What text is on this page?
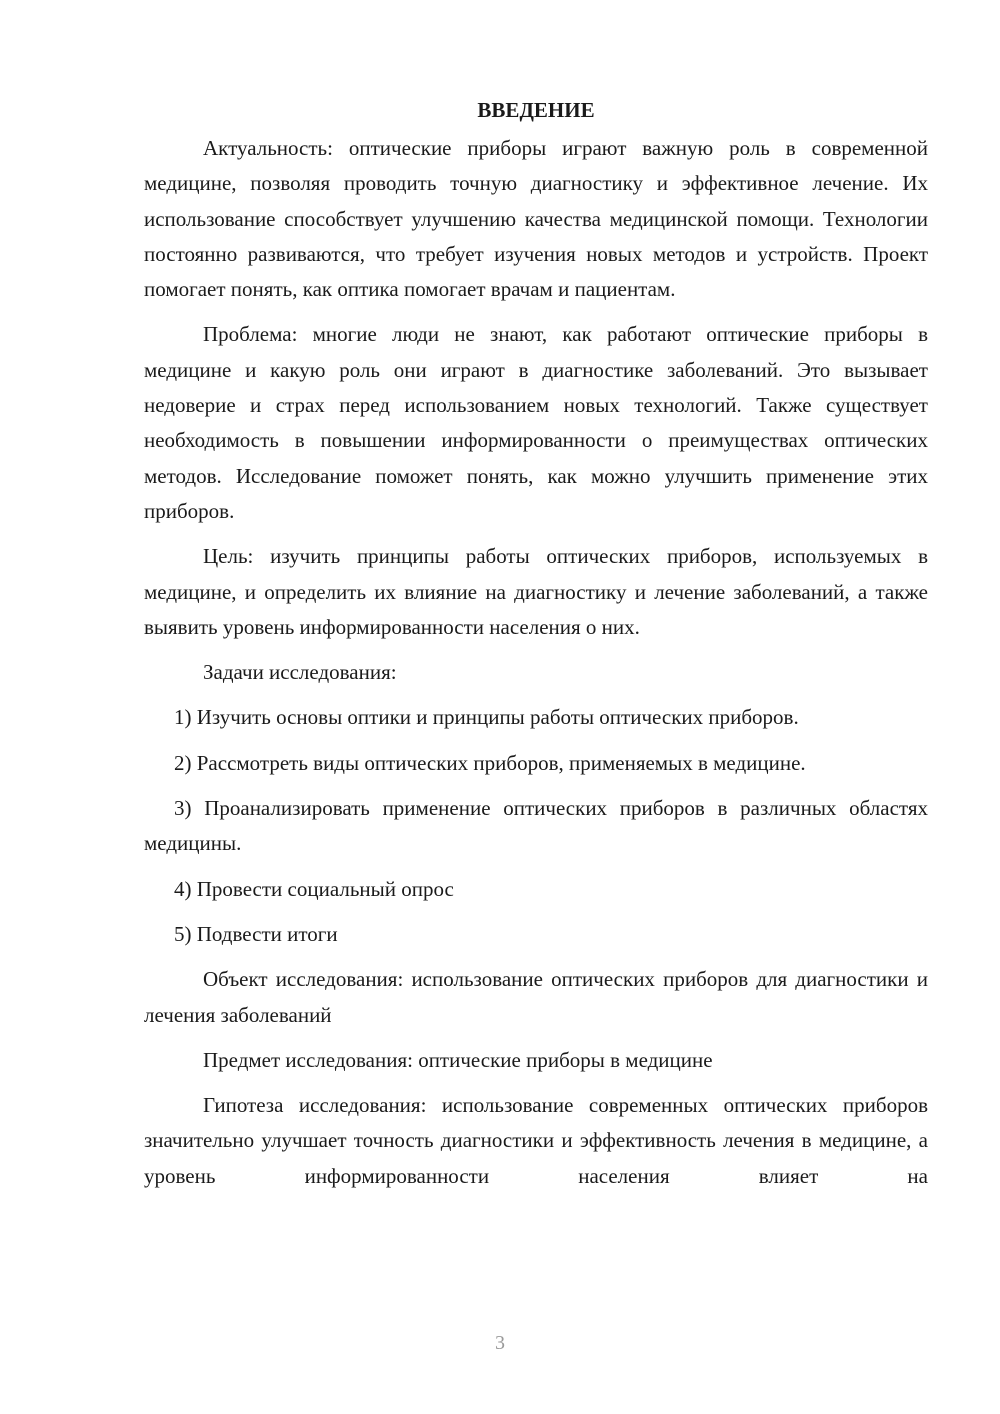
ВВЕДЕНИЕ

Актуальность: оптические приборы играют важную роль в современной медицине, позволяя проводить точную диагностику и эффективное лечение. Их использование способствует улучшению качества медицинской помощи. Технологии постоянно развиваются, что требует изучения новых методов и устройств. Проект помогает понять, как оптика помогает врачам и пациентам.

Проблема: многие люди не знают, как работают оптические приборы в медицине и какую роль они играют в диагностике заболеваний. Это вызывает недоверие и страх перед использованием новых технологий. Также существует необходимость в повышении информированности о преимуществах оптических методов. Исследование поможет понять, как можно улучшить применение этих приборов.

Цель: изучить принципы работы оптических приборов, используемых в медицине, и определить их влияние на диагностику и лечение заболеваний, а также выявить уровень информированности населения о них.

Задачи исследования:

1) Изучить основы оптики и принципы работы оптических приборов.

2) Рассмотреть виды оптических приборов, применяемых в медицине.

3) Проанализировать применение оптических приборов в различных областях медицины.

4) Провести социальный опрос

5) Подвести итоги

Объект исследования: использование оптических приборов для диагностики и лечения заболеваний

Предмет исследования: оптические приборы в медицине

Гипотеза исследования: использование современных оптических приборов значительно улучшает точность диагностики и эффективность лечения в медицине, а уровень информированности населения влияет на

3
